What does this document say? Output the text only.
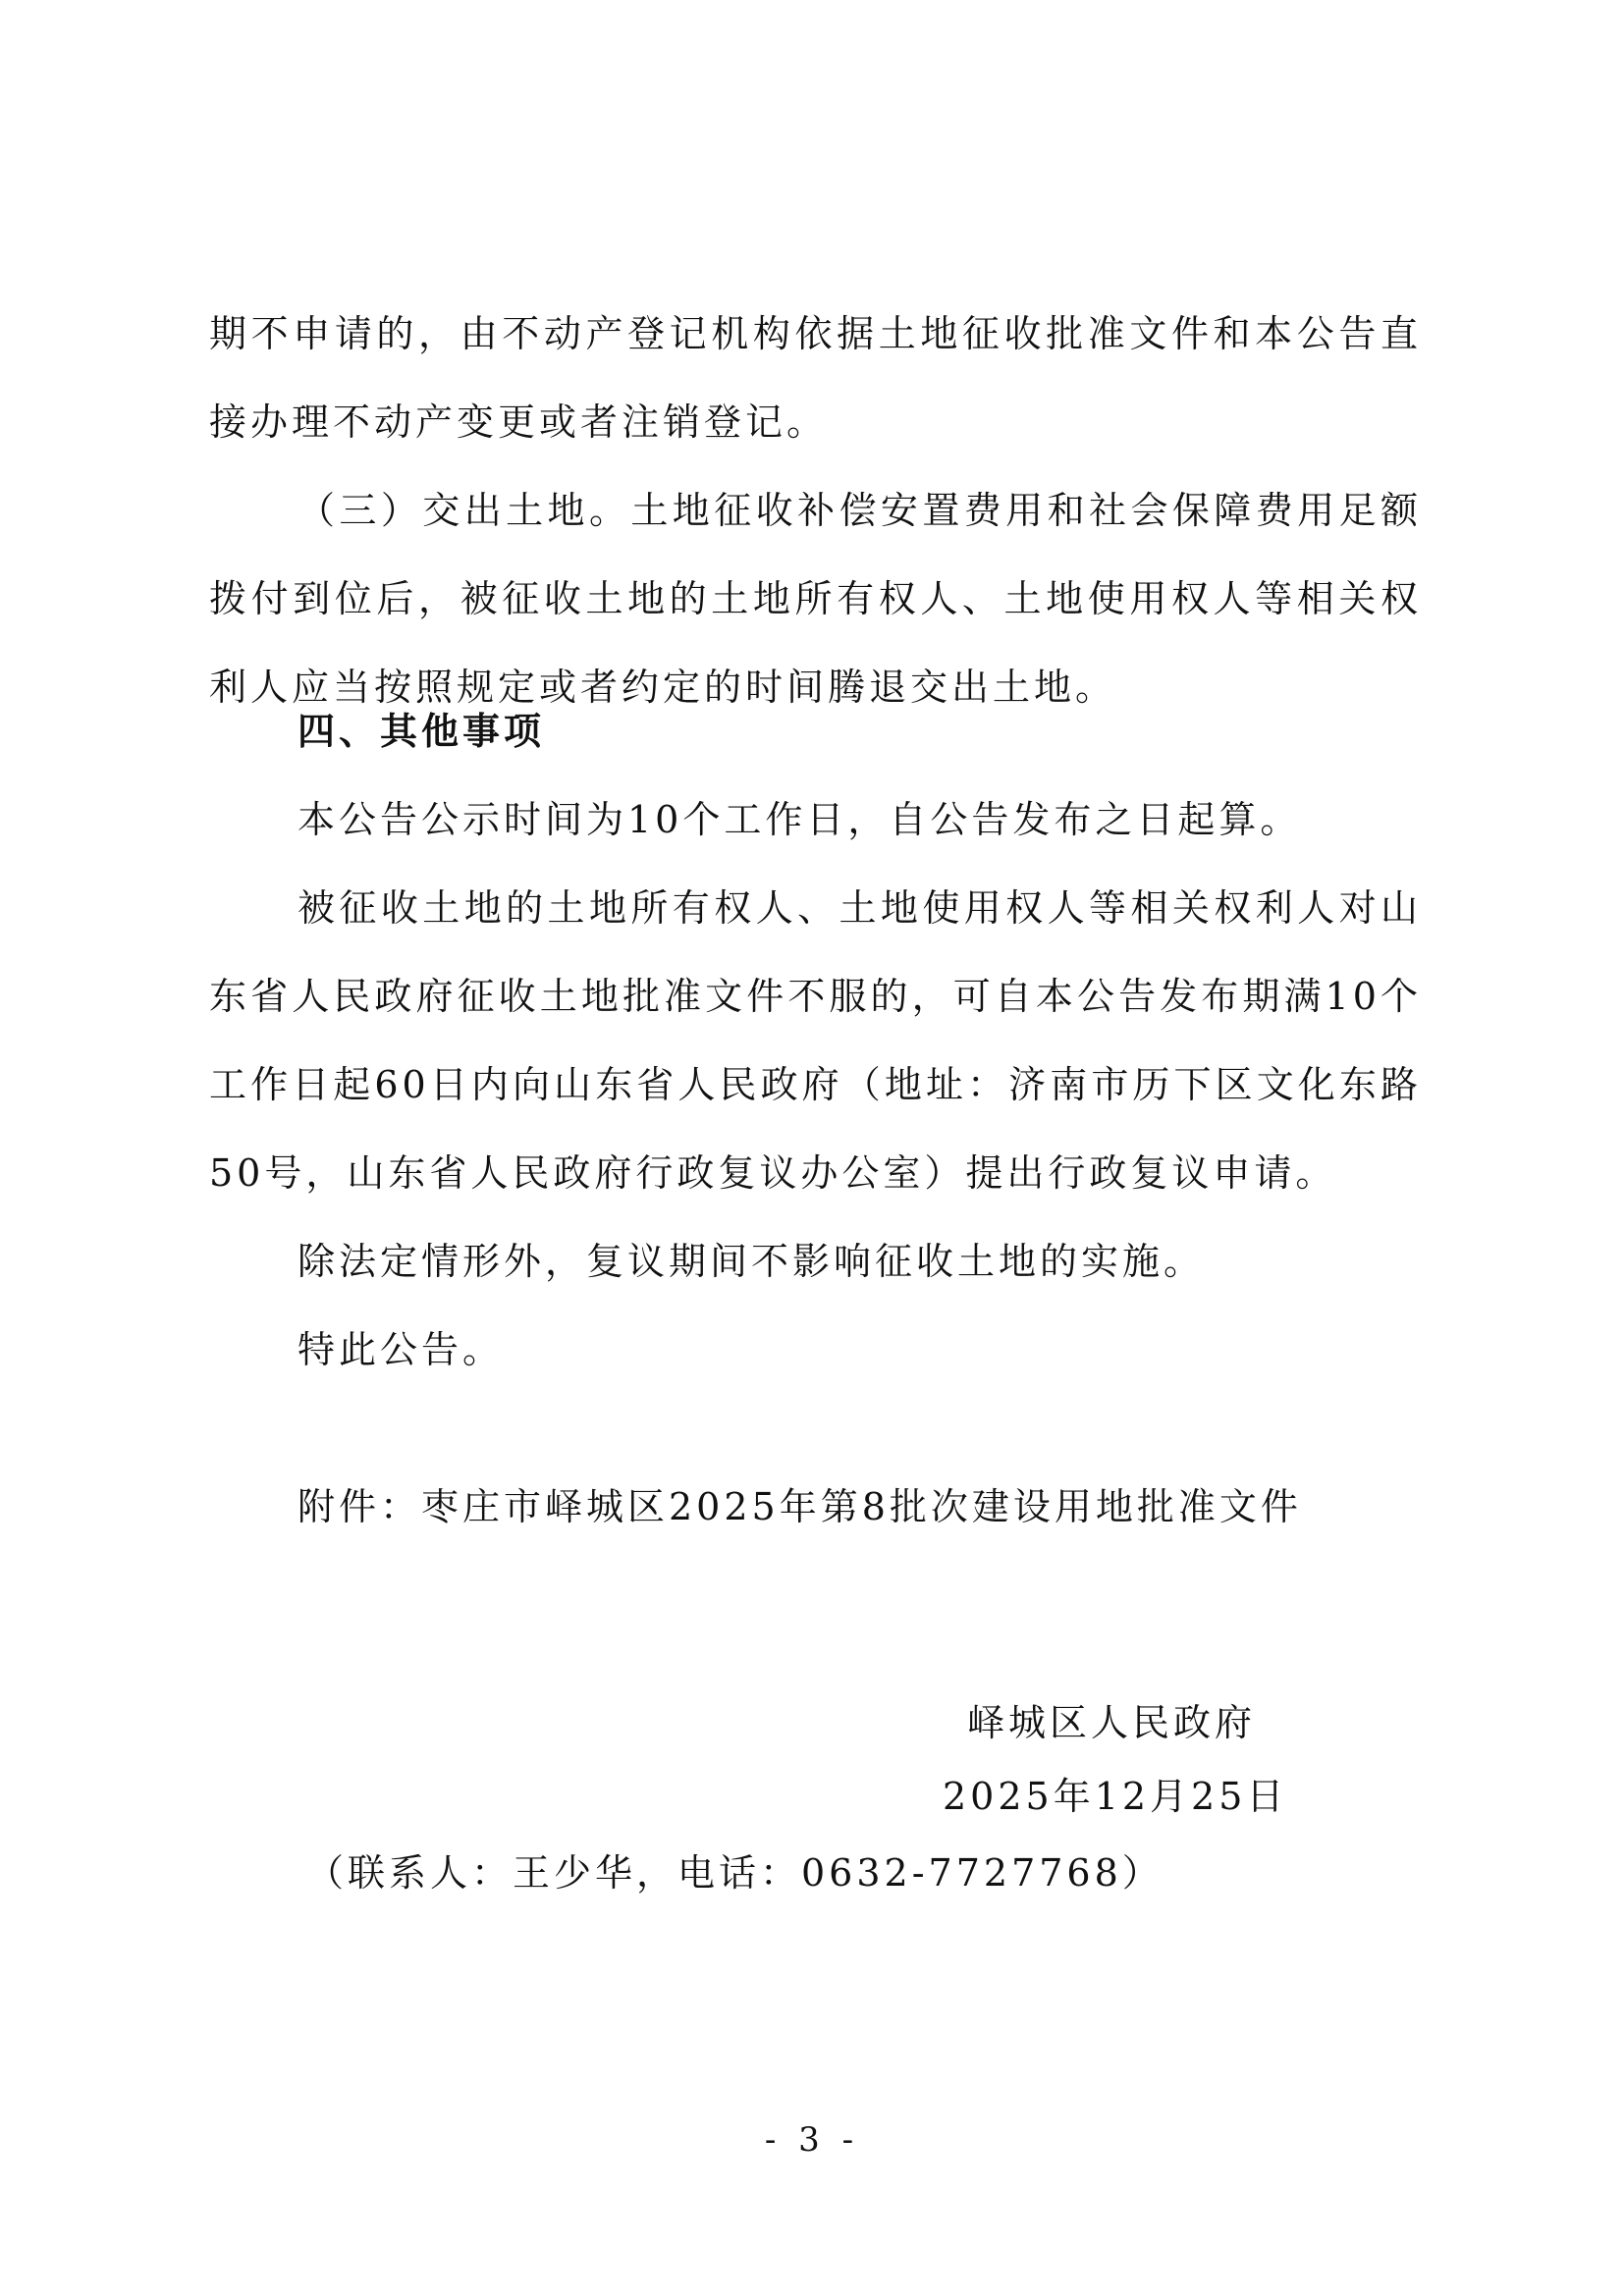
期不申请的，由不动产登记机构依据土地征收批准文件和本公告直接办理不动产变更或者注销登记。

（三）交出土地。土地征收补偿安置费用和社会保障费用足额拨付到位后，被征收土地的土地所有权人、土地使用权人等相关权利人应当按照规定或者约定的时间腾退交出土地。

四、其他事项

本公告公示时间为10个工作日，自公告发布之日起算。

被征收土地的土地所有权人、土地使用权人等相关权利人对山东省人民政府征收土地批准文件不服的，可自本公告发布期满10个工作日起60日内向山东省人民政府（地址：济南市历下区文化东路50号，山东省人民政府行政复议办公室）提出行政复议申请。

除法定情形外，复议期间不影响征收土地的实施。

特此公告。

附件：枣庄市峄城区2025年第8批次建设用地批准文件

峄城区人民政府

2025年12月25日

（联系人：王少华，电话：0632-7727768）

- 3 -
